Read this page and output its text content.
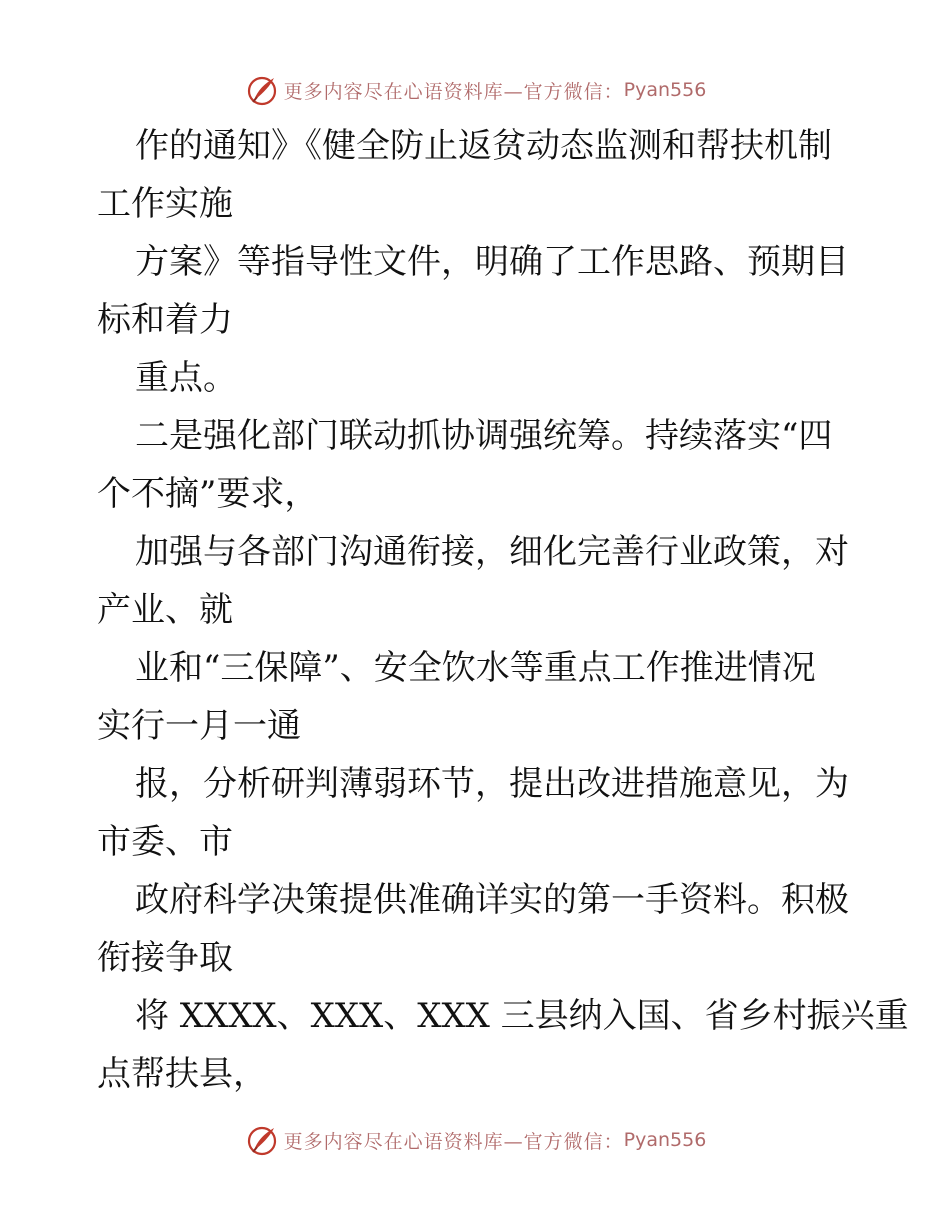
更多内容尽在心语资料库—官方微信： Pyan556

作的通知》《健全防止返贫动态监测和帮扶机制

工作实施

方案》等指导性文件，明确了工作思路、预期目

标和着力

重点。

二是强化部门联动抓协调强统筹。持续落实“四

个不摘”要求，

加强与各部门沟通衔接，细化完善行业政策，对

产业、就

业和“三保障”、安全饮水等重点工作推进情况

实行一月一通

报，分析研判薄弱环节，提出改进措施意见，为

市委、市

政府科学决策提供准确详实的第一手资料。积极

衔接争取

将 XXXX、XXX、XXX 三县纳入国、省乡村振兴重

点帮扶县，

更多内容尽在心语资料库—官方微信： Pyan556
